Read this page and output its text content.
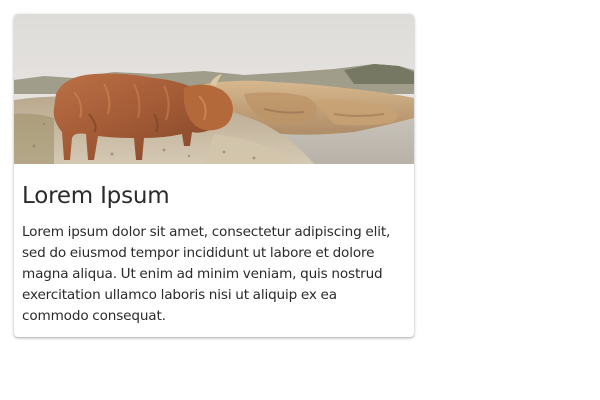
Lorem Ipsum

Lorem ipsum dolor sit amet, consectetur adipiscing elit, sed do eiusmod tempor incididunt ut labore et dolore magna aliqua. Ut enim ad minim veniam, quis nostrud exercitation ullamco laboris nisi ut aliquip ex ea commodo consequat.
